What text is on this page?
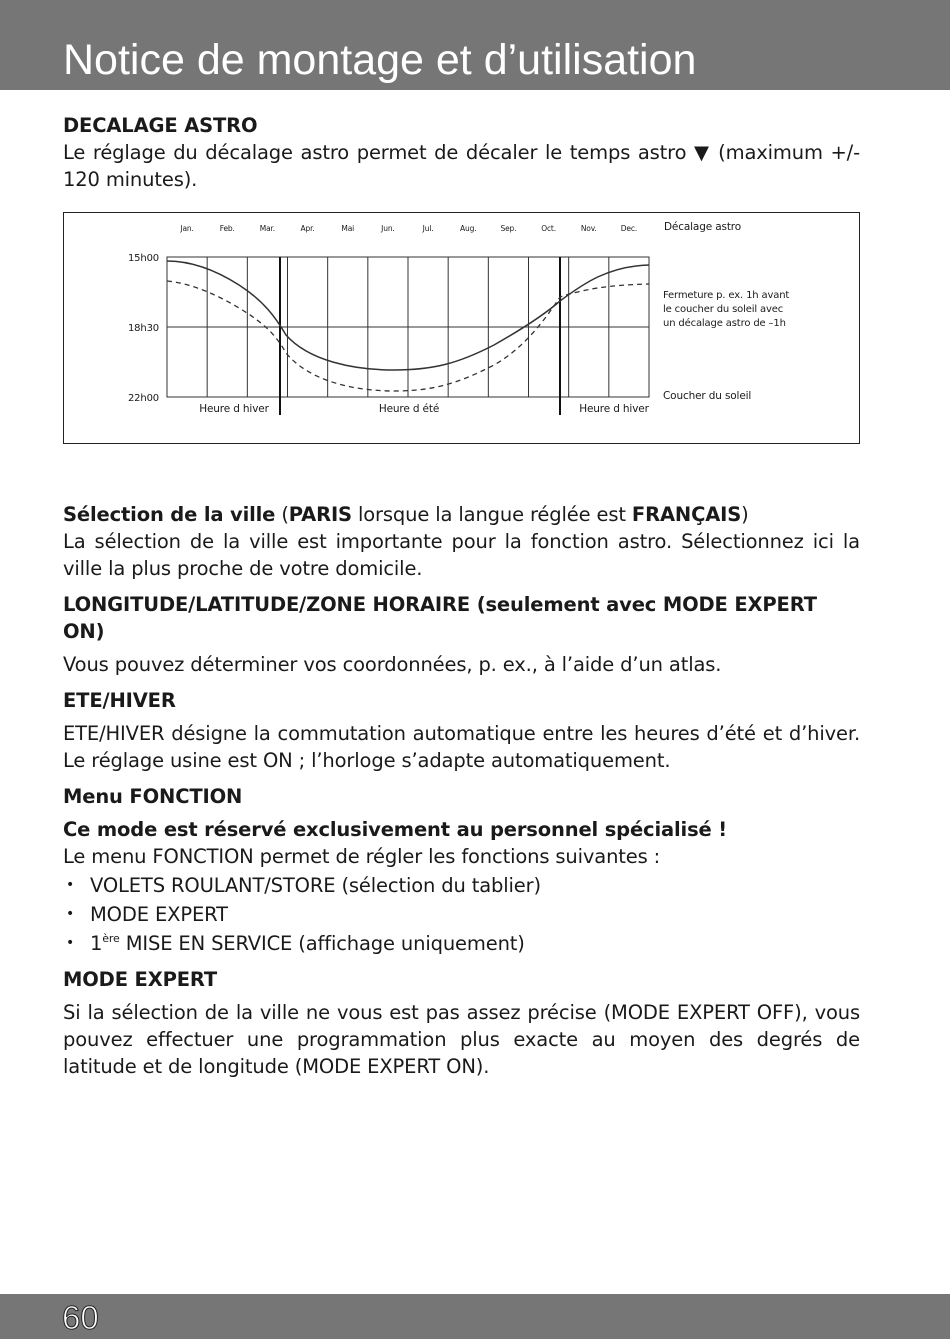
Notice de montage et d’utilisation

DECALAGE ASTRO

Le réglage du décalage astro permet de décaler le temps astro ▼ (maximum +/- 120 minutes).

Jan.	Feb.	Mar.	Apr.	Mai	Jun.	Jul.	Aug.	Sep.	Oct.	Nov.	Dec.
15h00
18h30
22h00
Décalage astro
Fermeture p. ex. 1h avant
le coucher du soleil avec
un décalage astro de –1h
Coucher du soleil
Heure d hiver	Heure d été	Heure d hiver

Sélection de la ville (PARIS lorsque la langue réglée est FRANÇAIS)

La sélection de la ville est importante pour la fonction astro. Sélectionnez ici la ville la plus proche de votre domicile.

LONGITUDE/LATITUDE/ZONE HORAIRE (seulement avec MODE EXPERT ON)

Vous pouvez déterminer vos coordonnées, p. ex., à l’aide d’un atlas.

ETE/HIVER

ETE/HIVER désigne la commutation automatique entre les heures d’été et d’hiver. Le réglage usine est ON ; l’horloge s’adapte automatiquement.

Menu FONCTION

Ce mode est réservé exclusivement au personnel spécialisé !

Le menu FONCTION permet de régler les fonctions suivantes :

• VOLETS ROULANT/STORE (sélection du tablier)
• MODE EXPERT
• 1ère MISE EN SERVICE (affichage uniquement)

MODE EXPERT

Si la sélection de la ville ne vous est pas assez précise (MODE EXPERT OFF), vous pouvez effectuer une programmation plus exacte au moyen des degrés de latitude et de longitude (MODE EXPERT ON).

60
